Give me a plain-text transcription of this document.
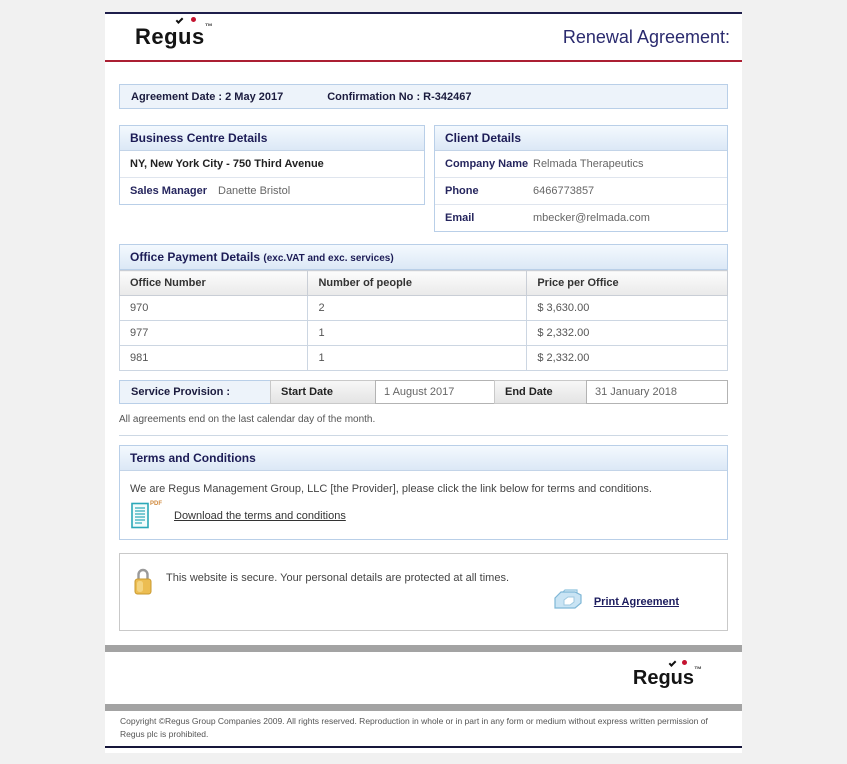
Regus™	Renewal Agreement:
Agreement Date : 2 May 2017	Confirmation No : R-342467
Business Centre Details
NY, New York City - 750 Third Avenue
Sales Manager Danette Bristol
Client Details
Company Name Relmada Therapeutics
Phone	6466773857
Email	mbecker@relmada.com
Office Payment Details (exc.VAT and exc. services)
Office Number	Number of people	Price per Office
970	2	$ 3,630.00
977	1	$ 2,332.00
981	1	$ 2,332.00
Service Provision :	Start Date	1 August 2017	End Date	31 January 2018
All agreements end on the last calendar day of the month.
Terms and Conditions
We are Regus Management Group, LLC [the Provider], please click the link below for terms and conditions.
PDF
Download the terms and conditions
This website is secure. Your personal details are protected at all times.
Print Agreement
Regus™
Copyright ©Regus Group Companies 2009. All rights reserved. Reproduction in whole or in part in any form or medium without express written permission of Regus plc is prohibited.
